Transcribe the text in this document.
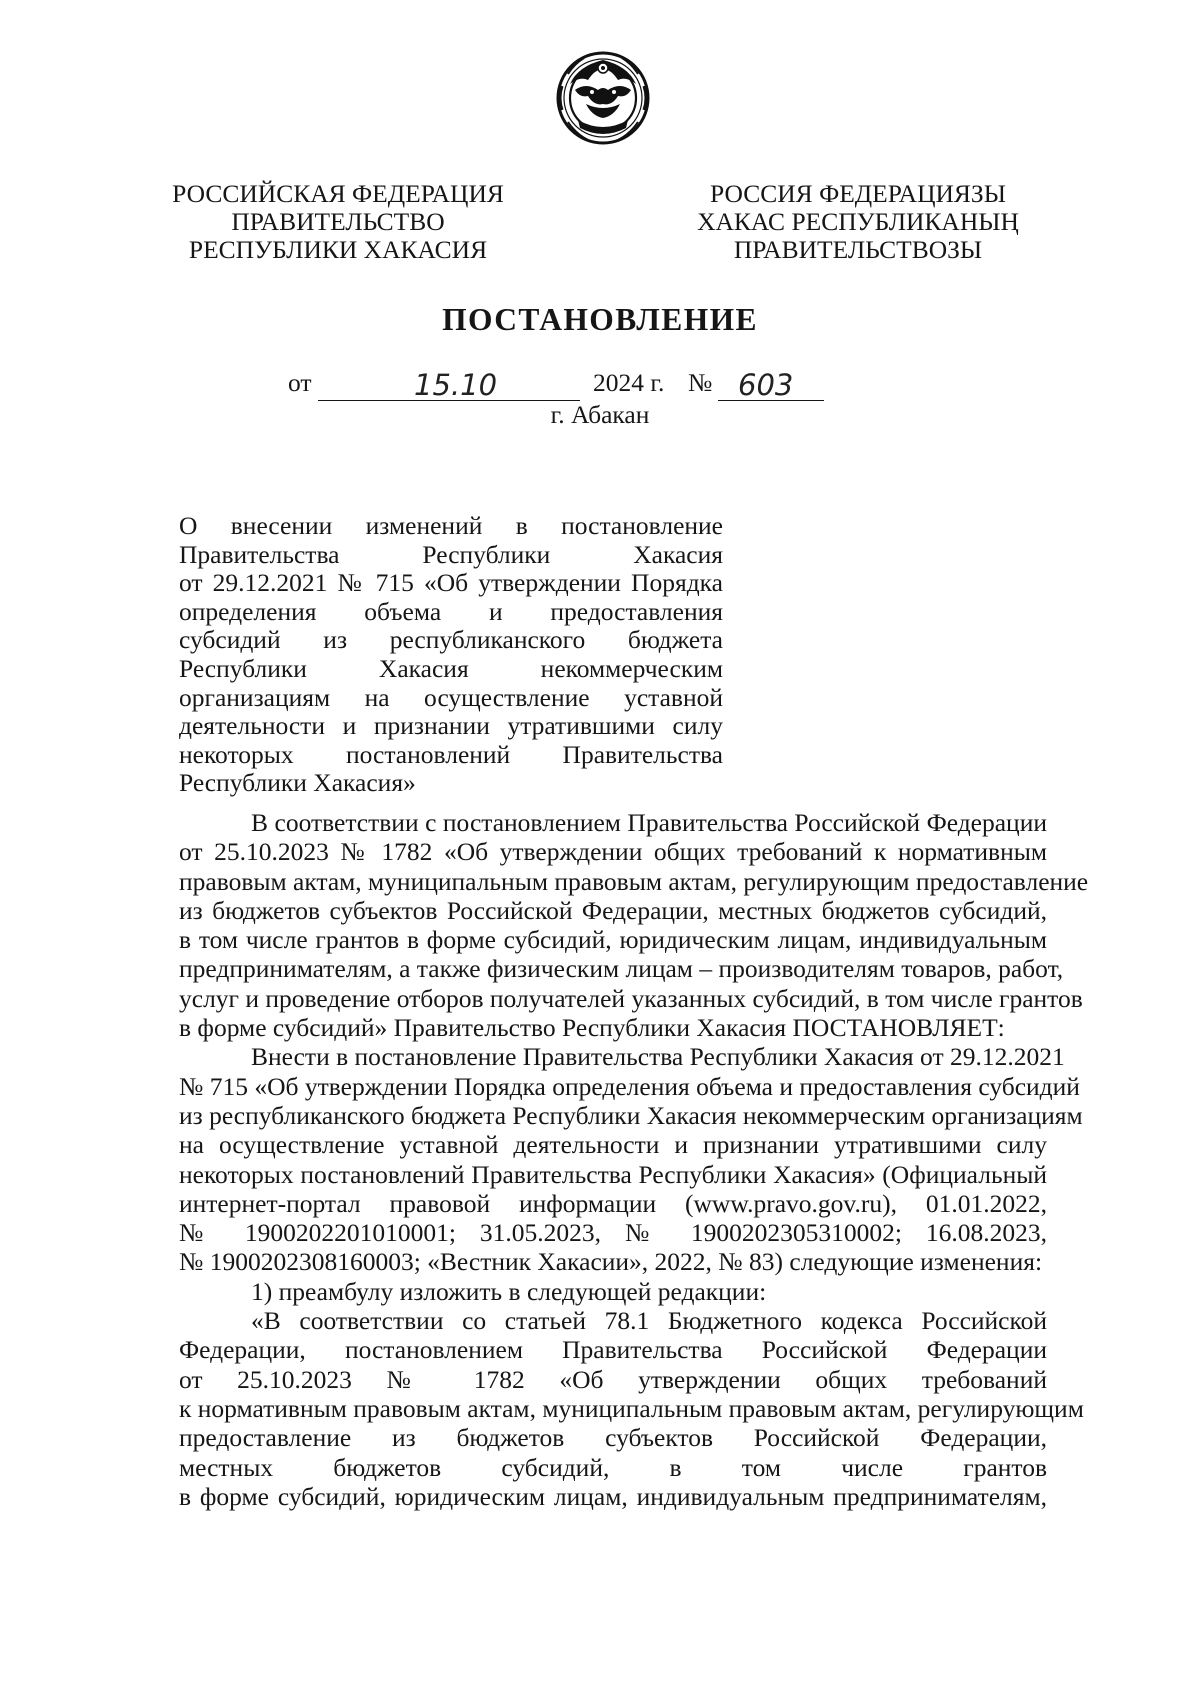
РОССИЙСКАЯ ФЕДЕРАЦИЯ
ПРАВИТЕЛЬСТВО
РЕСПУБЛИКИ ХАКАСИЯ
РОССИЯ ФЕДЕРАЦИЯЗЫ
ХАКАС РЕСПУБЛИКАНЫҢ
ПРАВИТЕЛЬСТВОЗЫ
ПОСТАНОВЛЕНИЕ
от	15.10	2024 г. № 603
г. Абакан
О внесении изменений в постановление
Правительства Республики Хакасия
от 29.12.2021 № 715 «Об утверждении Порядка
определения объема и предоставления
субсидий из республиканского бюджета
Республики Хакасия некоммерческим
организациям на осуществление уставной
деятельности и признании утратившими силу
некоторых постановлений Правительства
Республики Хакасия»
В соответствии с постановлением Правительства Российской Федерации
от 25.10.2023 № 1782 «Об утверждении общих требований к нормативным
правовым актам, муниципальным правовым актам, регулирующим предоставление
из бюджетов субъектов Российской Федерации, местных бюджетов субсидий,
в том числе грантов в форме субсидий, юридическим лицам, индивидуальным
предпринимателям, а также физическим лицам – производителям товаров, работ,
услуг и проведение отборов получателей указанных субсидий, в том числе грантов
в форме субсидий» Правительство Республики Хакасия ПОСТАНОВЛЯЕТ:
Внести в постановление Правительства Республики Хакасия от 29.12.2021
№ 715 «Об утверждении Порядка определения объема и предоставления субсидий
из республиканского бюджета Республики Хакасия некоммерческим организациям
на осуществление уставной деятельности и признании утратившими силу
некоторых постановлений Правительства Республики Хакасия» (Официальный
интернет-портал правовой информации (www.pravo.gov.ru), 01.01.2022,
№ 1900202201010001; 31.05.2023, № 1900202305310002; 16.08.2023,
№ 1900202308160003; «Вестник Хакасии», 2022, № 83) следующие изменения:
1) преамбулу изложить в следующей редакции:
«В соответствии со статьей 78.1 Бюджетного кодекса Российской
Федерации, постановлением Правительства Российской Федерации
от 25.10.2023 № 1782 «Об утверждении общих требований
к нормативным правовым актам, муниципальным правовым актам, регулирующим
предоставление из бюджетов субъектов Российской Федерации,
местных бюджетов субсидий, в том числе грантов
в форме субсидий, юридическим лицам, индивидуальным предпринимателям,
